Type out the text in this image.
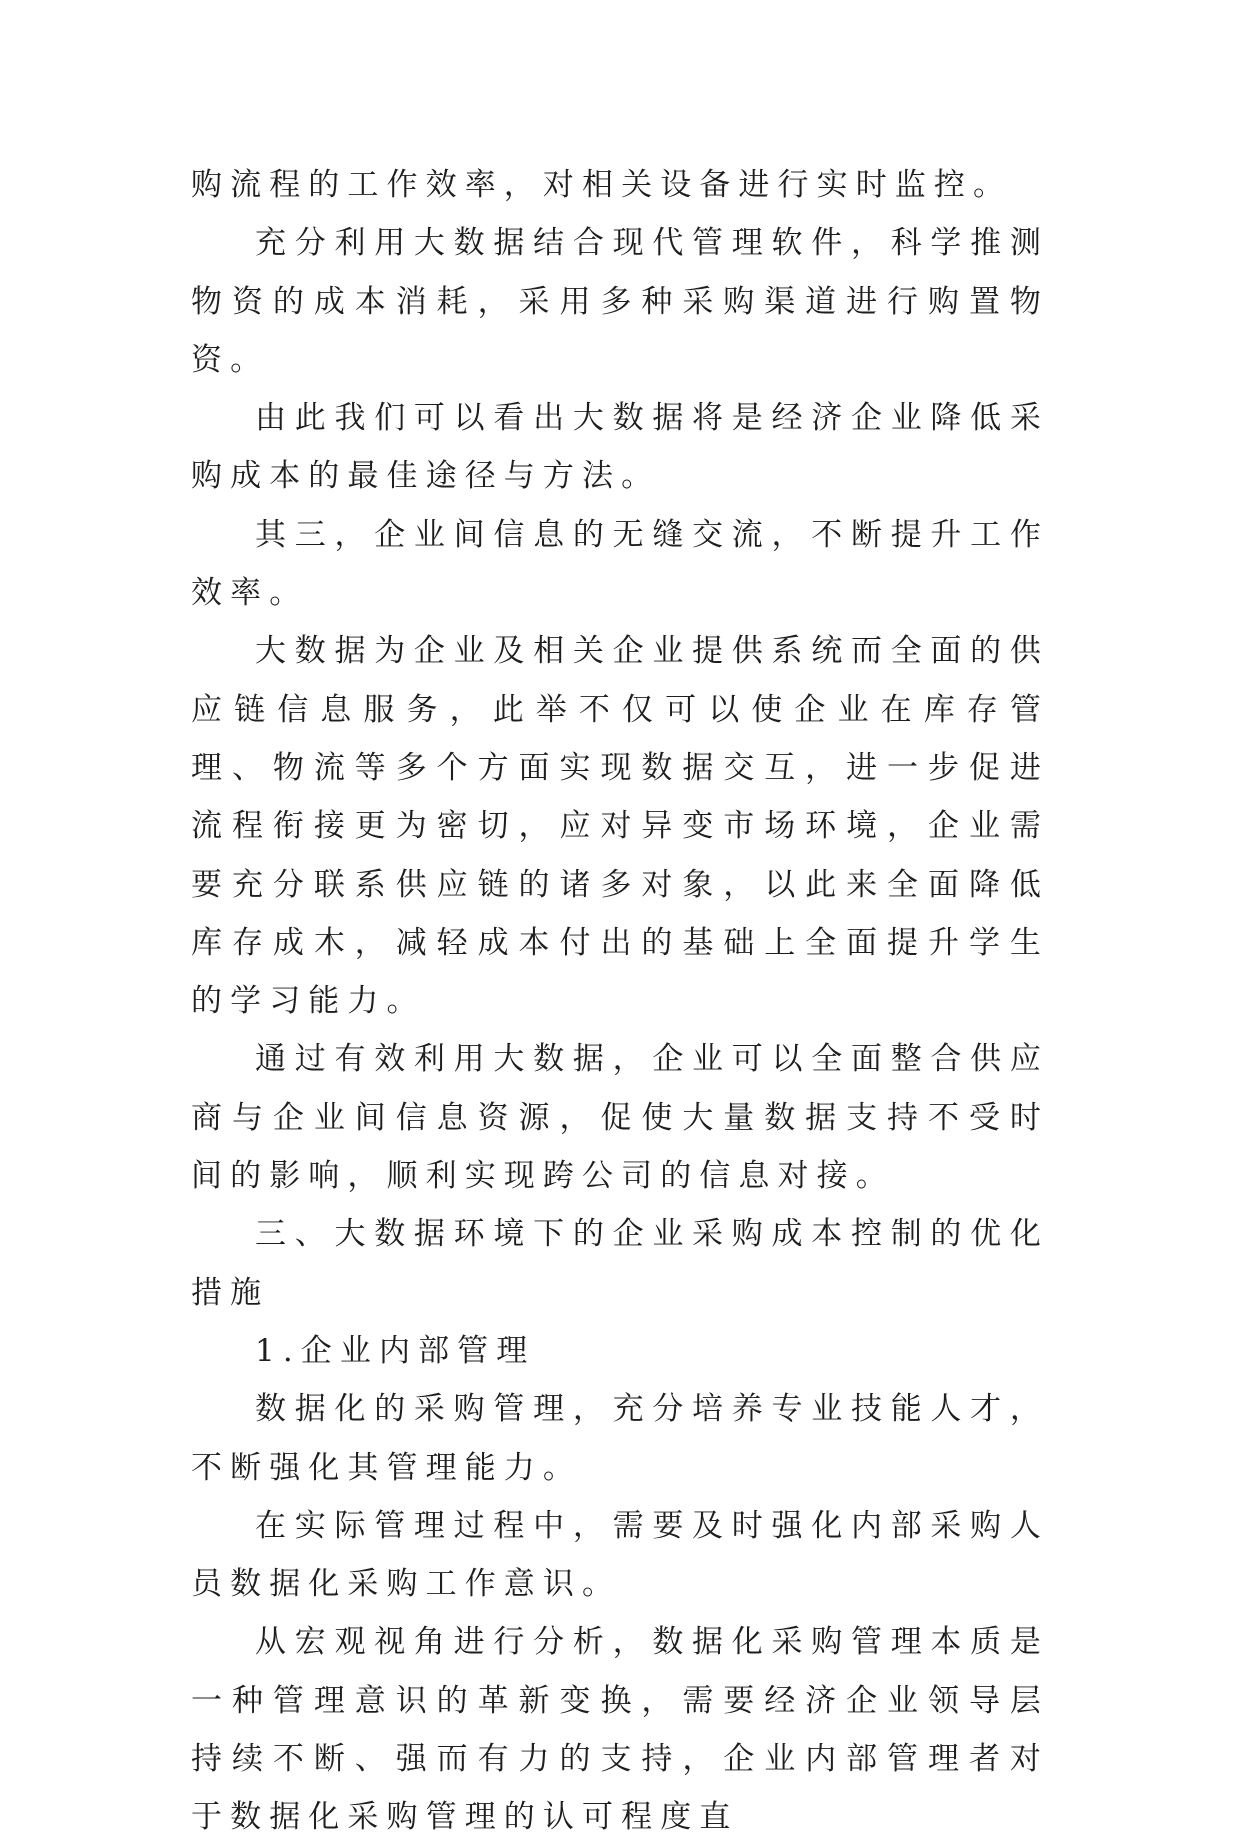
购流程的工作效率，对相关设备进行实时监控。

充分利用大数据结合现代管理软件，科学推测物资的成本消耗，采用多种采购渠道进行购置物资。

由此我们可以看出大数据将是经济企业降低采购成本的最佳途径与方法。

其三，企业间信息的无缝交流，不断提升工作效率。

大数据为企业及相关企业提供系统而全面的供应链信息服务，此举不仅可以使企业在库存管理、物流等多个方面实现数据交互，进一步促进流程衔接更为密切，应对异变市场环境，企业需要充分联系供应链的诸多对象，以此来全面降低库存成木，减轻成本付出的基础上全面提升学生的学习能力。

通过有效利用大数据，企业可以全面整合供应商与企业间信息资源，促使大量数据支持不受时间的影响，顺利实现跨公司的信息对接。

三、大数据环境下的企业采购成本控制的优化措施

1.企业内部管理

数据化的采购管理，充分培养专业技能人才，不断强化其管理能力。

在实际管理过程中，需要及时强化内部采购人员数据化采购工作意识。

从宏观视角进行分析，数据化采购管理本质是一种管理意识的革新变换，需要经济企业领导层持续不断、强而有力的支持，企业内部管理者对于数据化采购管理的认可程度直
